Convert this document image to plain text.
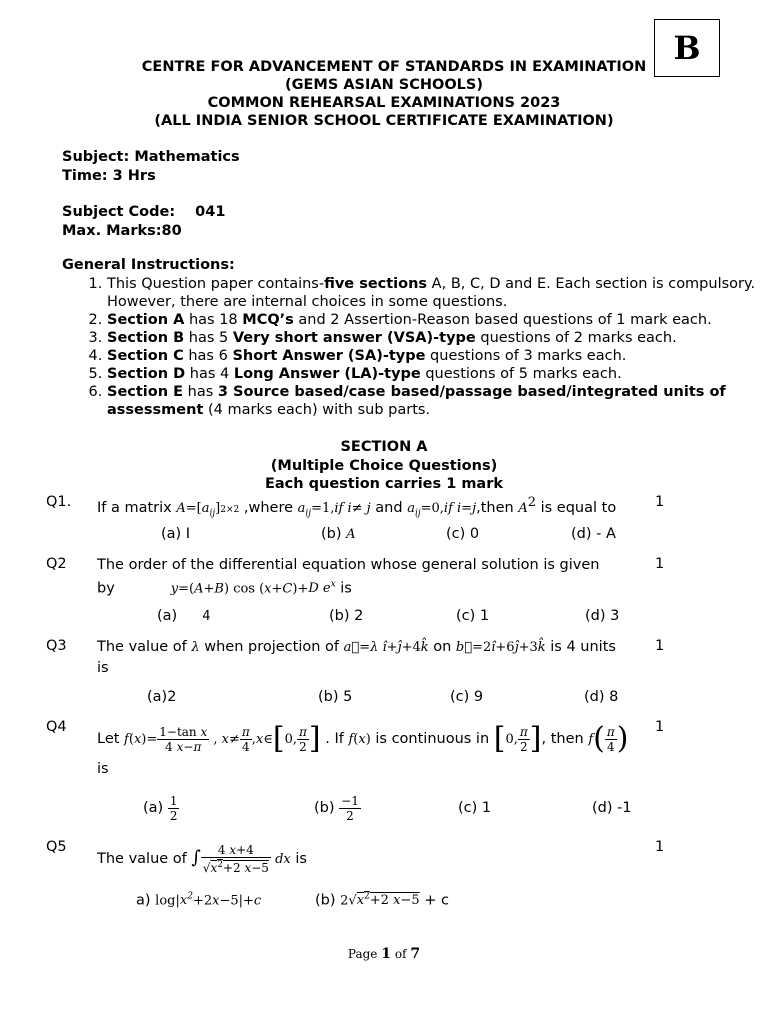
B
CENTRE FOR ADVANCEMENT OF STANDARDS IN EXAMINATION
(GEMS ASIAN SCHOOLS)
COMMON REHEARSAL EXAMINATIONS 2023
(ALL INDIA SENIOR SCHOOL CERTIFICATE EXAMINATION)
Subject: Mathematics
Time: 3 Hrs
Subject Code: 041
Max. Marks:80
General Instructions:
1. This Question paper contains-five sections A, B, C, D and E. Each section is compulsory. However, there are internal choices in some questions.
2. Section A has 18 MCQ’s and 2 Assertion-Reason based questions of 1 mark each.
3. Section B has 5 Very short answer (VSA)-type questions of 2 marks each.
4. Section C has 6 Short Answer (SA)-type questions of 3 marks each.
5. Section D has 4 Long Answer (LA)-type questions of 5 marks each.
6. Section E has 3 Source based/case based/passage based/integrated units of assessment (4 marks each) with sub parts.
SECTION A
(Multiple Choice Questions)
Each question carries 1 mark
Q1.	1
If a matrix $A=[a_{ij}]2\times 2$ ,where $a_{ij}=1,if$ i≠ j and $a_{ij}=0,if$ i=j,then $A^2$ is equal to
(a) I	(b) A	(c) 0	(d) - A
Q2	1
The order of the differential equation whose general solution is given
by	y=(A+B) cos (x+C)+D $e^x$ is
(a) 4	(b) 2	(c) 1	(d) 3
Q3	1
The value of λ when projection of a⃗=λ î+ĵ+4k̂ on b⃗=2î+6ĵ+3k̂ is 4 units
is
(a)2	(b) 5	(c) 9	(d) 8
Q4	1
Let $f(x)= \frac{\text{1−tan x}}{4 x-\pi}$ , $x\ne \frac{\pi}{4}$ ,x∈[0, $\frac{\pi}{2}$ ] . If f(x) is continuous in [0, $\frac{\pi}{2}$ ], then $f( \frac{\pi}{4}$ )
is
$(a) \frac{1}{2}$	$(b) \frac{-1}{2}$	(c) 1	(d) -1
Q5	1
The value of ∫ $\frac{4 x+4}{√x^2+2 x-5}$ dx is
a) $\log|x^2+2x-5|+c$	(b) $2√x^2+2$ x−5 + c
Page 1 of 7
